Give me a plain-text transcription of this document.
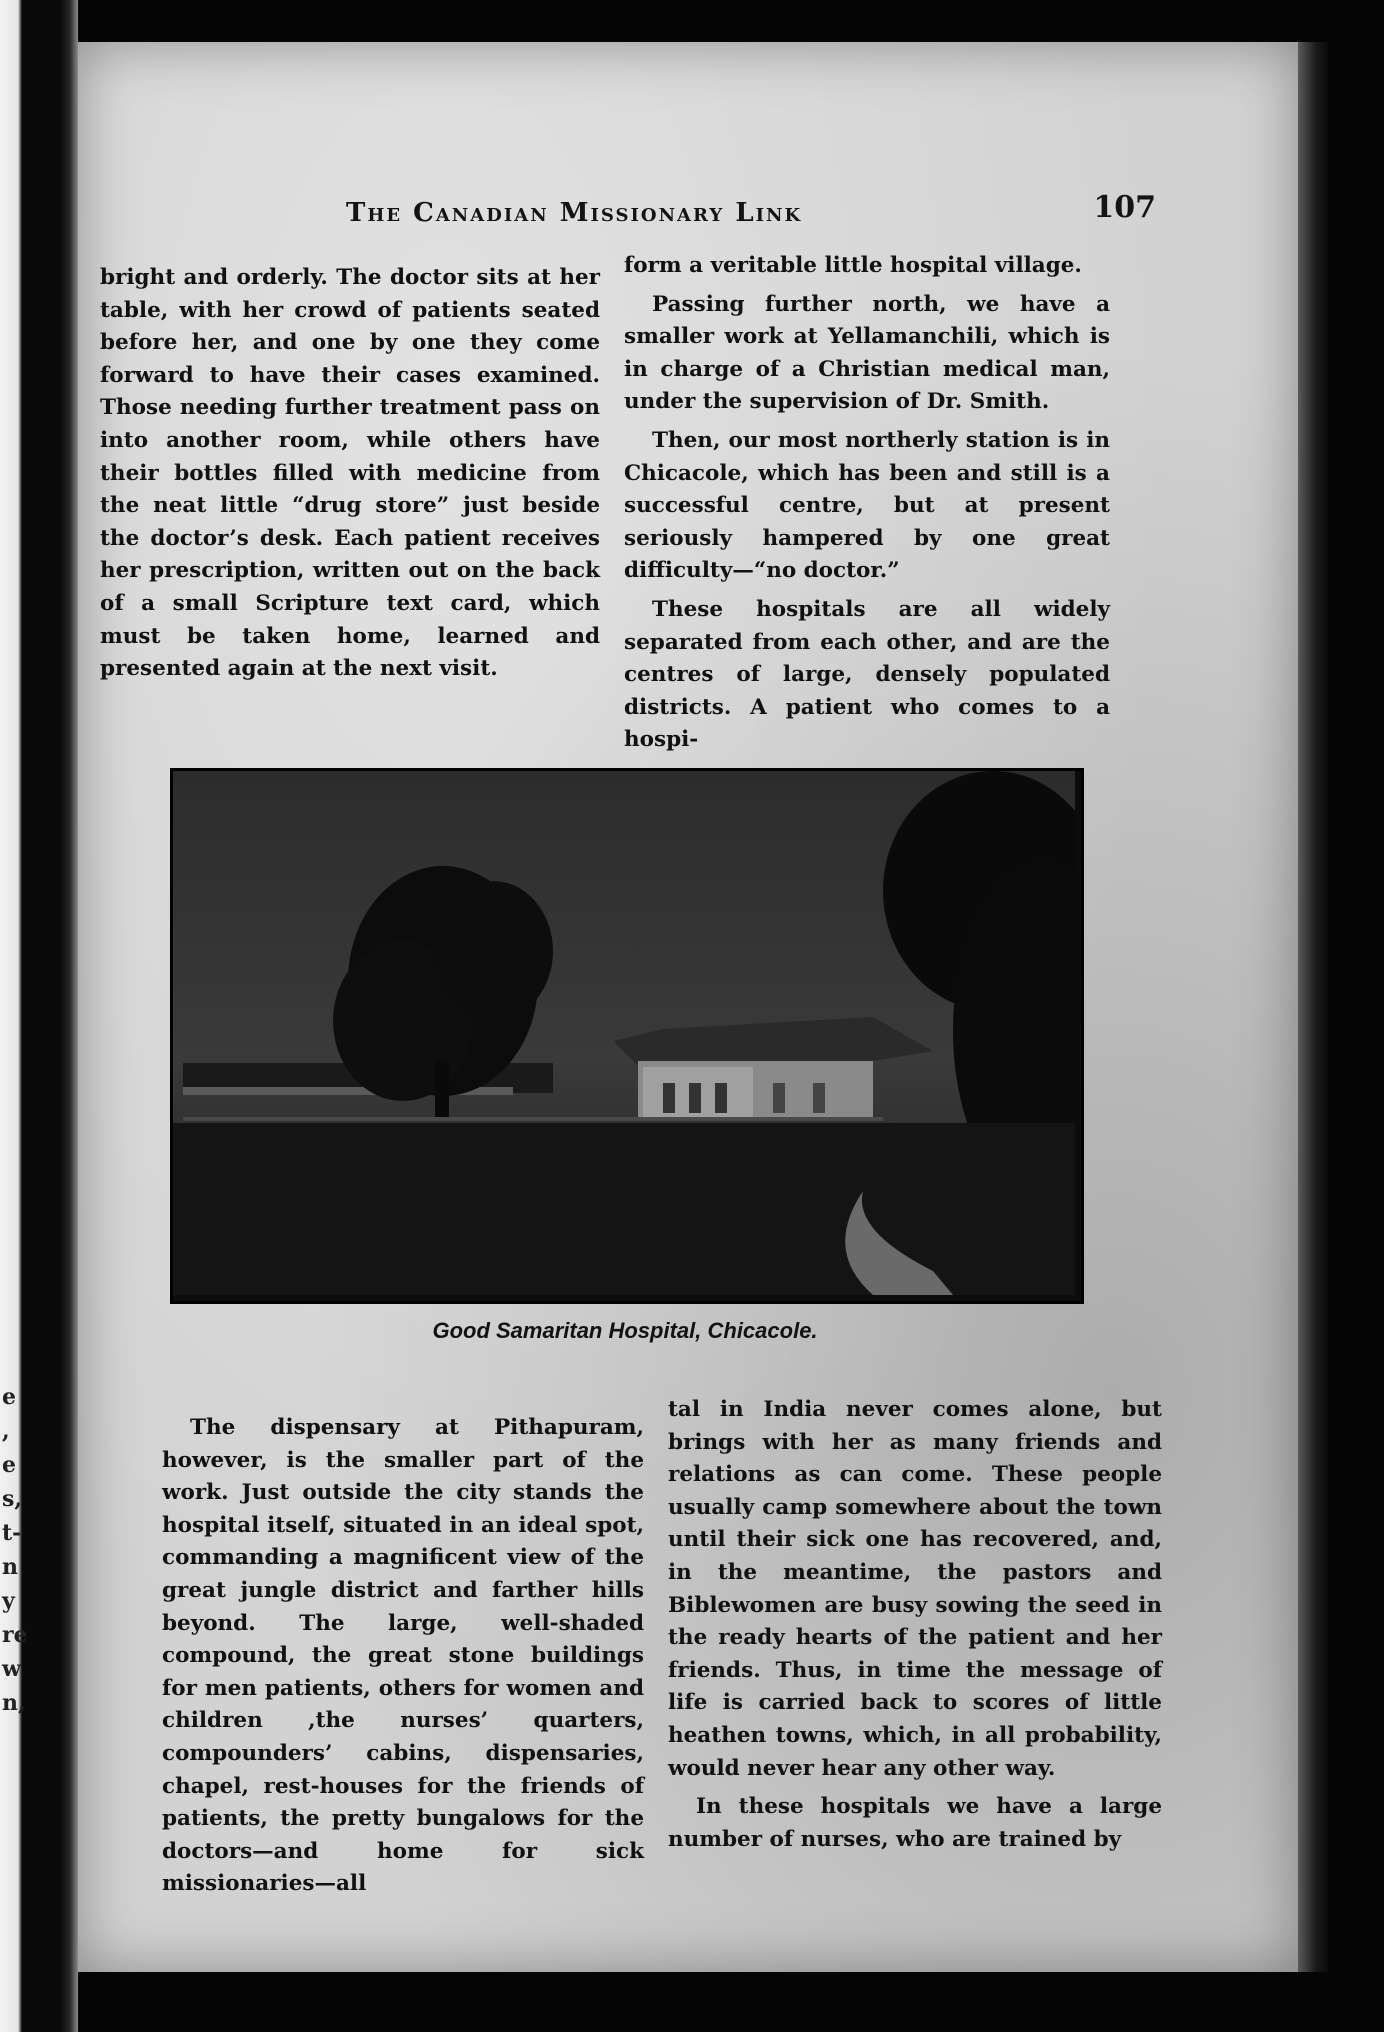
e , e s, t- n y re w n,
The Canadian Missionary Link	107

bright and orderly. The doctor sits at her table, with her crowd of patients seated before her, and one by one they come forward to have their cases examined. Those needing further treatment pass on into another room, while others have their bottles filled with medicine from the neat little “drug store” just beside the doctor’s desk. Each patient receives her prescription, written out on the back of a small Scripture text card, which must be taken home, learned and presented again at the next visit.

form a veritable little hospital village.

Passing further north, we have a smaller work at Yellamanchili, which is in charge of a Christian medical man, under the supervision of Dr. Smith.

Then, our most northerly station is in Chicacole, which has been and still is a successful centre, but at present seriously hampered by one great difficulty—“no doctor.”

These hospitals are all widely separated from each other, and are the centres of large, densely populated districts. A patient who comes to a hospi-

Good Samaritan Hospital, Chicacole.

The dispensary at Pithapuram, however, is the smaller part of the work. Just outside the city stands the hospital itself, situated in an ideal spot, commanding a magnificent view of the great jungle district and farther hills beyond. The large, well-shaded compound, the great stone buildings for men patients, others for women and children ,the nurses’ quarters, compounders’ cabins, dispensaries, chapel, rest-houses for the friends of patients, the pretty bungalows for the doctors—and home for sick missionaries—all

tal in India never comes alone, but brings with her as many friends and relations as can come. These people usually camp somewhere about the town until their sick one has recovered, and, in the meantime, the pastors and Biblewomen are busy sowing the seed in the ready hearts of the patient and her friends. Thus, in time the message of life is carried back to scores of little heathen towns, which, in all probability, would never hear any other way.

In these hospitals we have a large number of nurses, who are trained by
